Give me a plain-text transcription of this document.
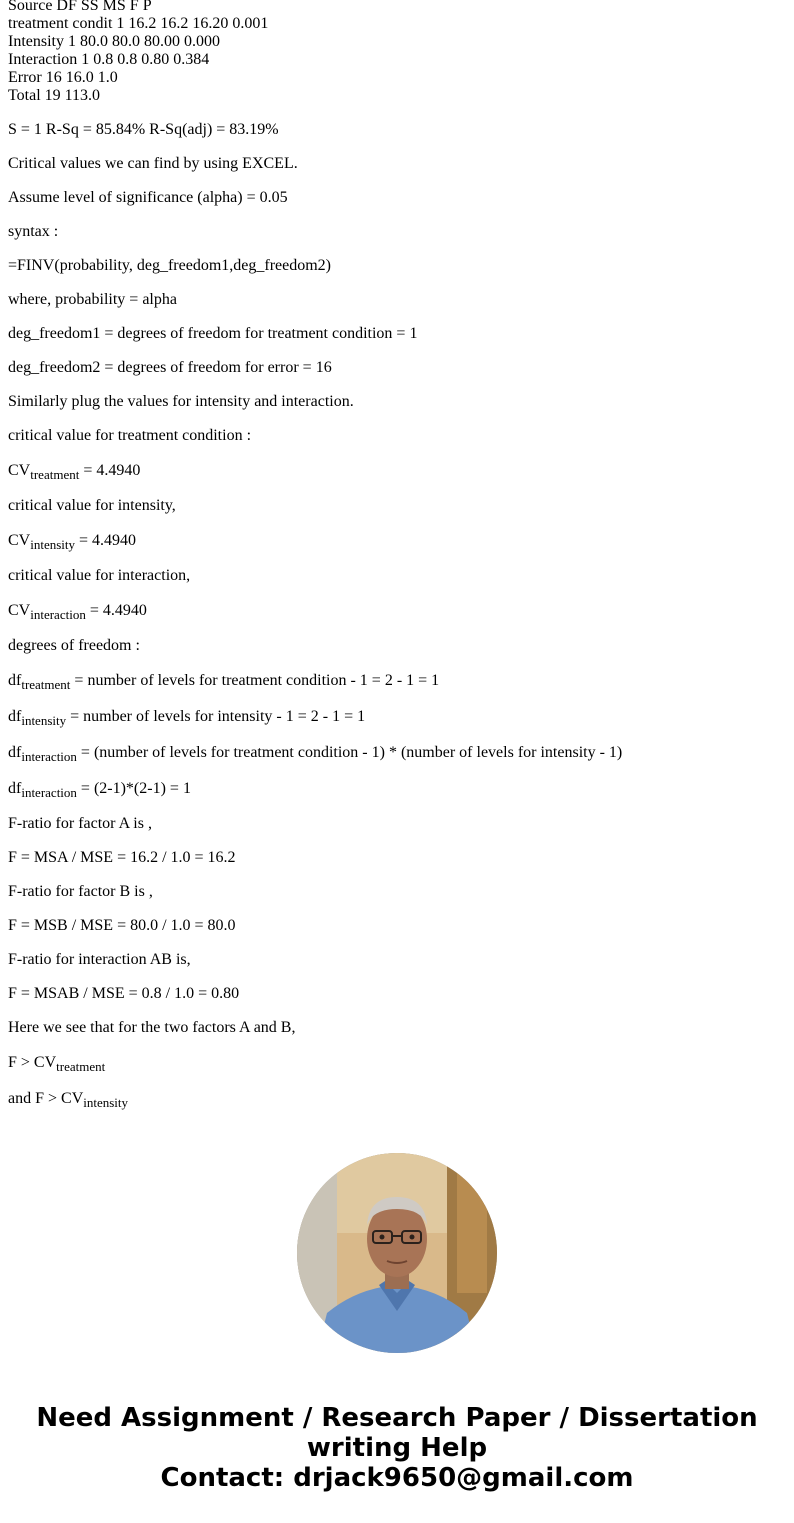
Source DF SS MS F P
treatment condit 1 16.2 16.2 16.20 0.001
Intensity 1 80.0 80.0 80.00 0.000
Interaction 1 0.8 0.8 0.80 0.384
Error 16 16.0 1.0
Total 19 113.0

S = 1 R-Sq = 85.84% R-Sq(adj) = 83.19%

Critical values we can find by using EXCEL.

Assume level of significance (alpha) = 0.05

syntax :

=FINV(probability, deg_freedom1,deg_freedom2)

where, probability = alpha

deg_freedom1 = degrees of freedom for treatment condition = 1

deg_freedom2 = degrees of freedom for error = 16

Similarly plug the values for intensity and interaction.

critical value for treatment condition :

$CV_{treatment} = 4.4940$

critical value for intensity,

$CV_{intensity} = 4.4940$

critical value for interaction,

$CV_{interaction} = 4.4940$

degrees of freedom :

$df_{treatment}$ = number of levels for treatment condition - 1 = 2 - 1 = 1

$df_{intensity}$ = number of levels for intensity - 1 = 2 - 1 = 1

$df_{interaction}$ = (number of levels for treatment condition - 1) * (number of levels for intensity - 1)

$df_{interaction} = (2-1)*(2-1) = 1$

F-ratio for factor A is ,

F = MSA / MSE = 16.2 / 1.0 = 16.2

F-ratio for factor B is ,

F = MSB / MSE = 80.0 / 1.0 = 80.0

F-ratio for interaction AB is,

F = MSAB / MSE = 0.8 / 1.0 = 0.80

Here we see that for the two factors A and B,

$F > CV_{treatment}$

and $F > CV_{intensity}$

Need Assignment / Research Paper / Dissertation
writing Help
Contact: drjack9650@gmail.com
